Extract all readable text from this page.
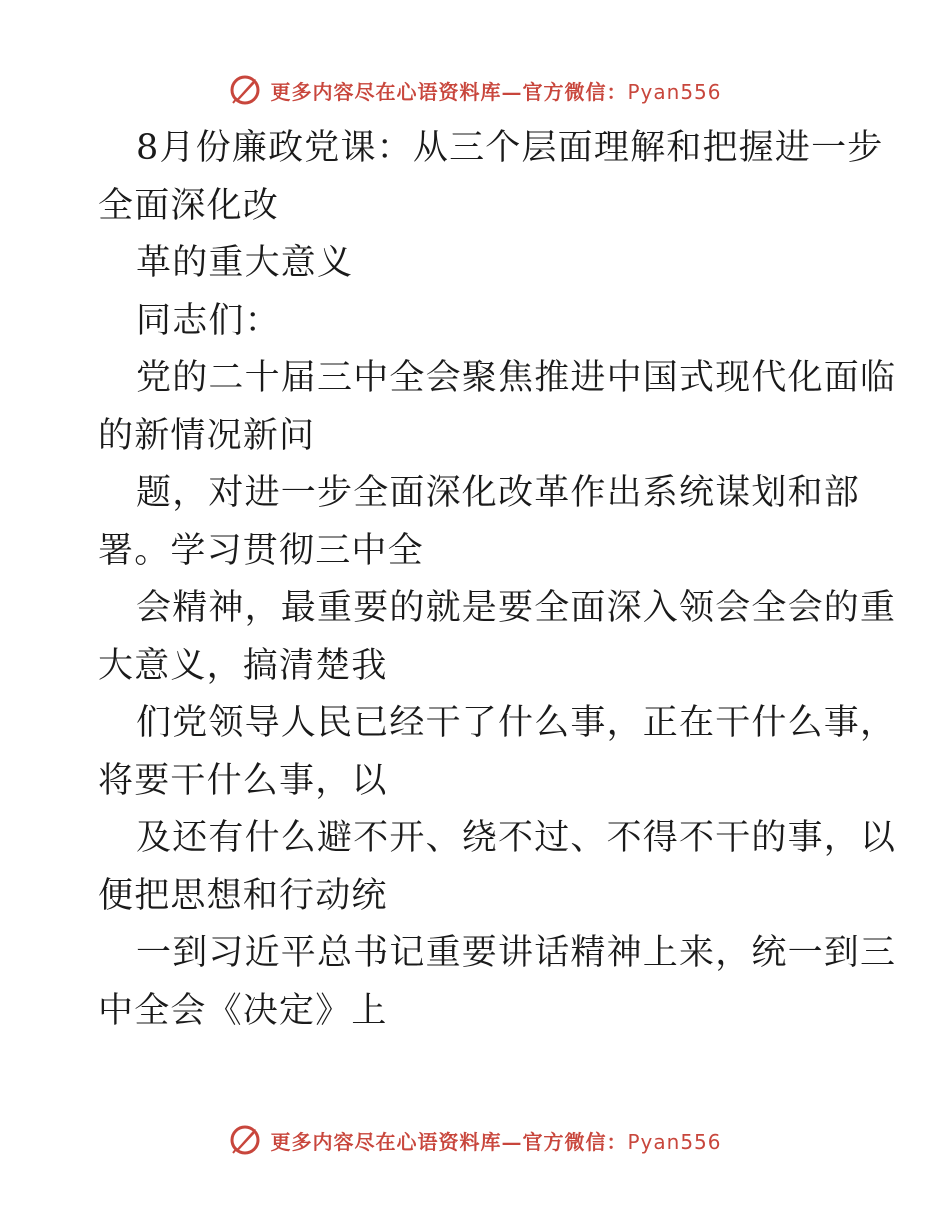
更多内容尽在心语资料库—官方微信：Pyan556
8月份廉政党课：从三个层面理解和把握进一步
全面深化改
革的重大意义
同志们：
党的二十届三中全会聚焦推进中国式现代化面临
的新情况新问
题，对进一步全面深化改革作出系统谋划和部
署。学习贯彻三中全
会精神，最重要的就是要全面深入领会全会的重
大意义，搞清楚我
们党领导人民已经干了什么事，正在干什么事，
将要干什么事，以
及还有什么避不开、绕不过、不得不干的事，以
便把思想和行动统
一到习近平总书记重要讲话精神上来，统一到三
中全会《决定》上
更多内容尽在心语资料库—官方微信：Pyan556
